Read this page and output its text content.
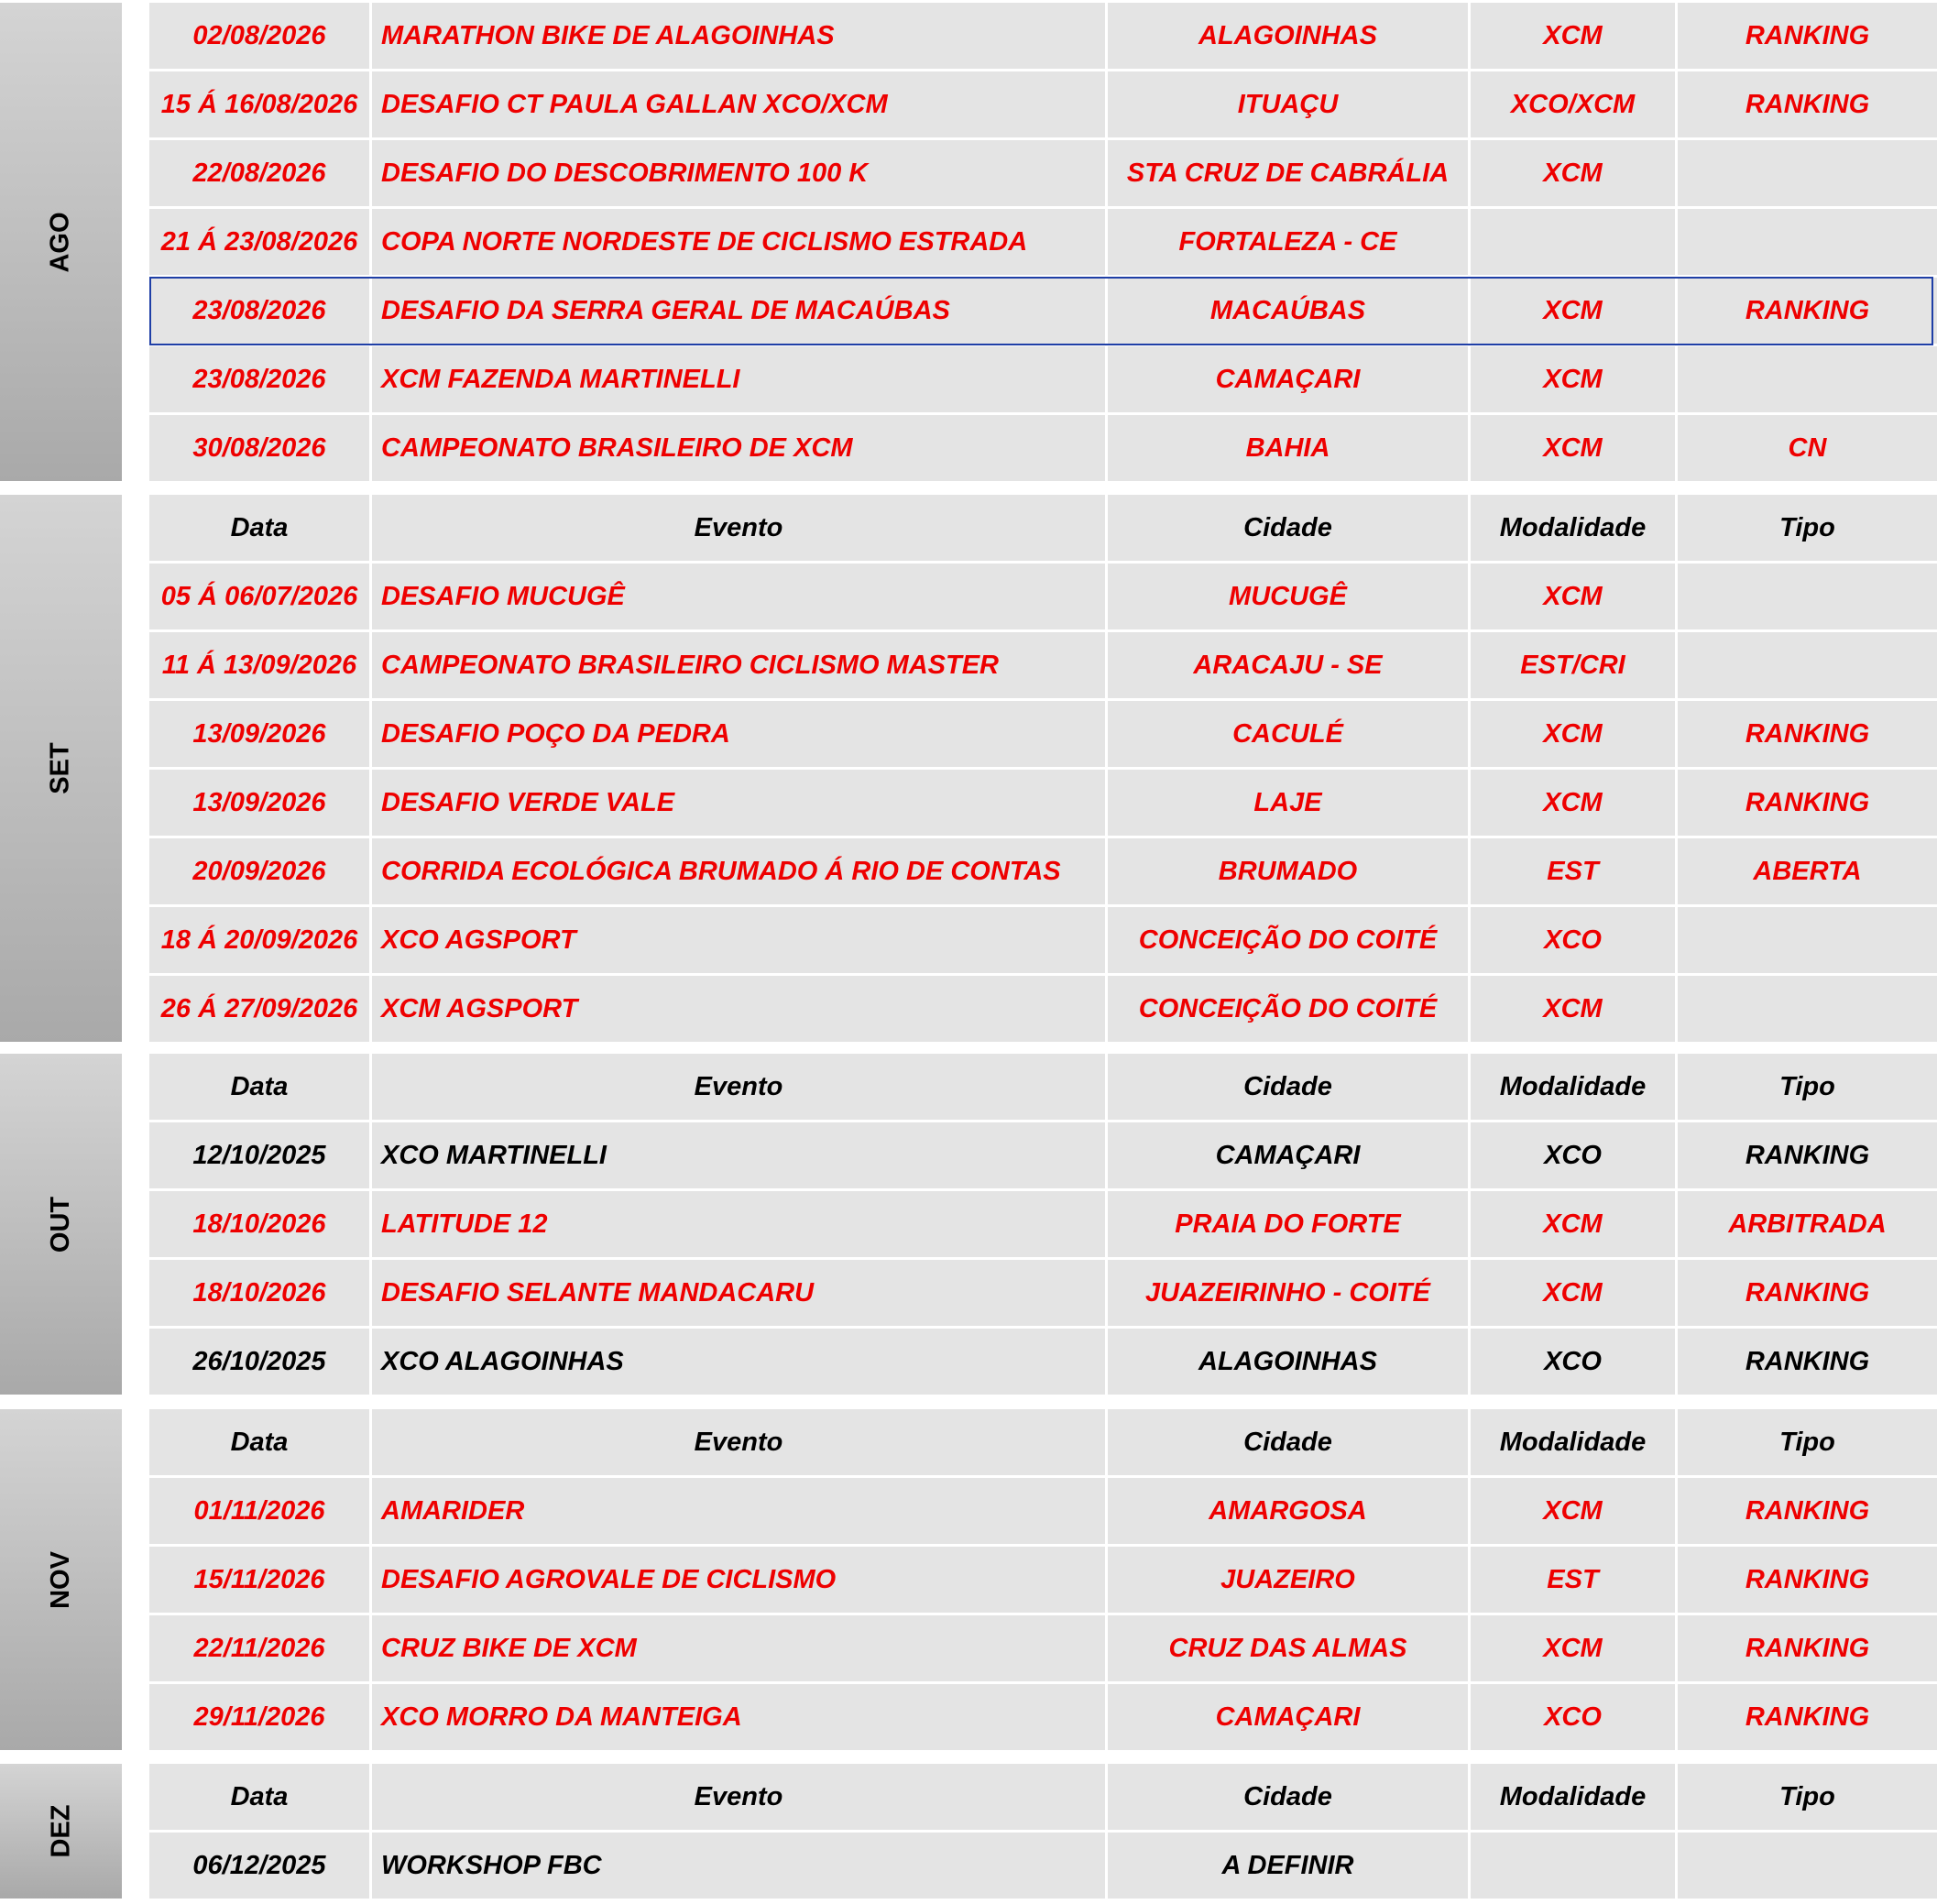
AGO
02/08/2026	MARATHON BIKE DE ALAGOINHAS	ALAGOINHAS	XCM	RANKING
15 Á 16/08/2026 DESAFIO CT PAULA GALLAN XCO/XCM	ITUAÇU	XCO/XCM	RANKING
22/08/2026	DESAFIO DO DESCOBRIMENTO 100 K	STA CRUZ DE CABRÁLIA	XCM
21 Á 23/08/2026 COPA NORTE NORDESTE DE CICLISMO ESTRADA	FORTALEZA - CE
23/08/2026	DESAFIO DA SERRA GERAL DE MACAÚBAS	MACAÚBAS	XCM	RANKING
23/08/2026	XCM FAZENDA MARTINELLI	CAMAÇARI	XCM
30/08/2026	CAMPEONATO BRASILEIRO DE XCM	BAHIA	XCM	CN
SET
Data	Evento	Cidade	Modalidade	Tipo
05 Á 06/07/2026 DESAFIO MUCUGÊ	MUCUGÊ	XCM
11 Á 13/09/2026 CAMPEONATO BRASILEIRO CICLISMO MASTER	ARACAJU - SE	EST/CRI
13/09/2026	DESAFIO POÇO DA PEDRA	CACULÉ	XCM	RANKING
13/09/2026	DESAFIO VERDE VALE	LAJE	XCM	RANKING
20/09/2026	CORRIDA ECOLÓGICA BRUMADO Á RIO DE CONTAS	BRUMADO	EST	ABERTA
18 Á 20/09/2026 XCO AGSPORT	CONCEIÇÃO DO COITÉ	XCO
26 Á 27/09/2026 XCM AGSPORT	CONCEIÇÃO DO COITÉ	XCM
OUT
Data	Evento	Cidade	Modalidade	Tipo
12/10/2025	XCO MARTINELLI	CAMAÇARI	XCO	RANKING
18/10/2026	LATITUDE 12	PRAIA DO FORTE	XCM	ARBITRADA
18/10/2026	DESAFIO SELANTE MANDACARU	JUAZEIRINHO - COITÉ	XCM	RANKING
26/10/2025	XCO ALAGOINHAS	ALAGOINHAS	XCO	RANKING
NOV
Data	Evento	Cidade	Modalidade	Tipo
01/11/2026	AMARIDER	AMARGOSA	XCM	RANKING
15/11/2026	DESAFIO AGROVALE DE CICLISMO	JUAZEIRO	EST	RANKING
22/11/2026	CRUZ BIKE DE XCM	CRUZ DAS ALMAS	XCM	RANKING
29/11/2026	XCO MORRO DA MANTEIGA	CAMAÇARI	XCO	RANKING
DEZ
Data	Evento	Cidade	Modalidade	Tipo
06/12/2025	WORKSHOP FBC	A DEFINIR
